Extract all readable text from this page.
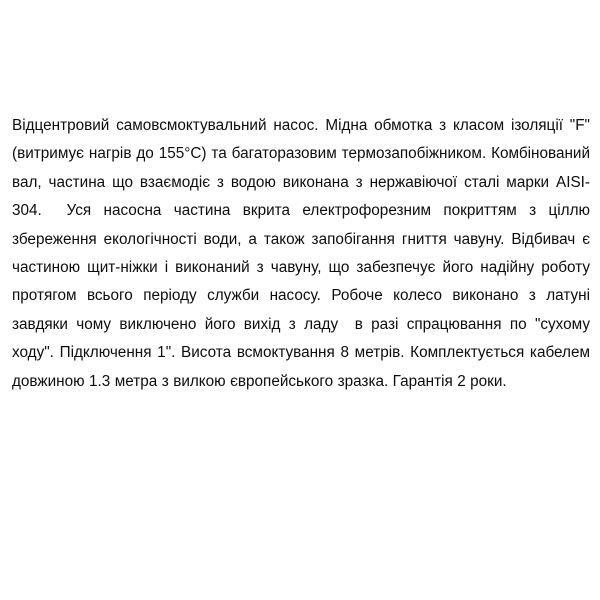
Відцентровий самовсмоктувальний насос. Мідна обмотка з класом ізоляції "F" (витримує нагрів до 155°C) та багаторазовим термозапобіжником. Комбінований вал, частина що взаємодіє з водою виконана з нержавіючої сталі марки AISI-304.  Уся насосна частина вкрита електрофорезним покриттям з ціллю збереження екологічності води, а також запобігання гниття чавуну. Відбивач є частиною щит-ніжки і виконаний з чавуну, що забезпечує його надійну роботу протягом всього періоду служби насосу. Робоче колесо виконано з латуні завдяки чому виключено його вихід з ладу  в разі спрацювання по "сухому ходу". Підключення 1". Висота всмоктування 8 метрів. Комплектується кабелем довжиною 1.3 метра з вилкою європейського зразка. Гарантія 2 роки.
